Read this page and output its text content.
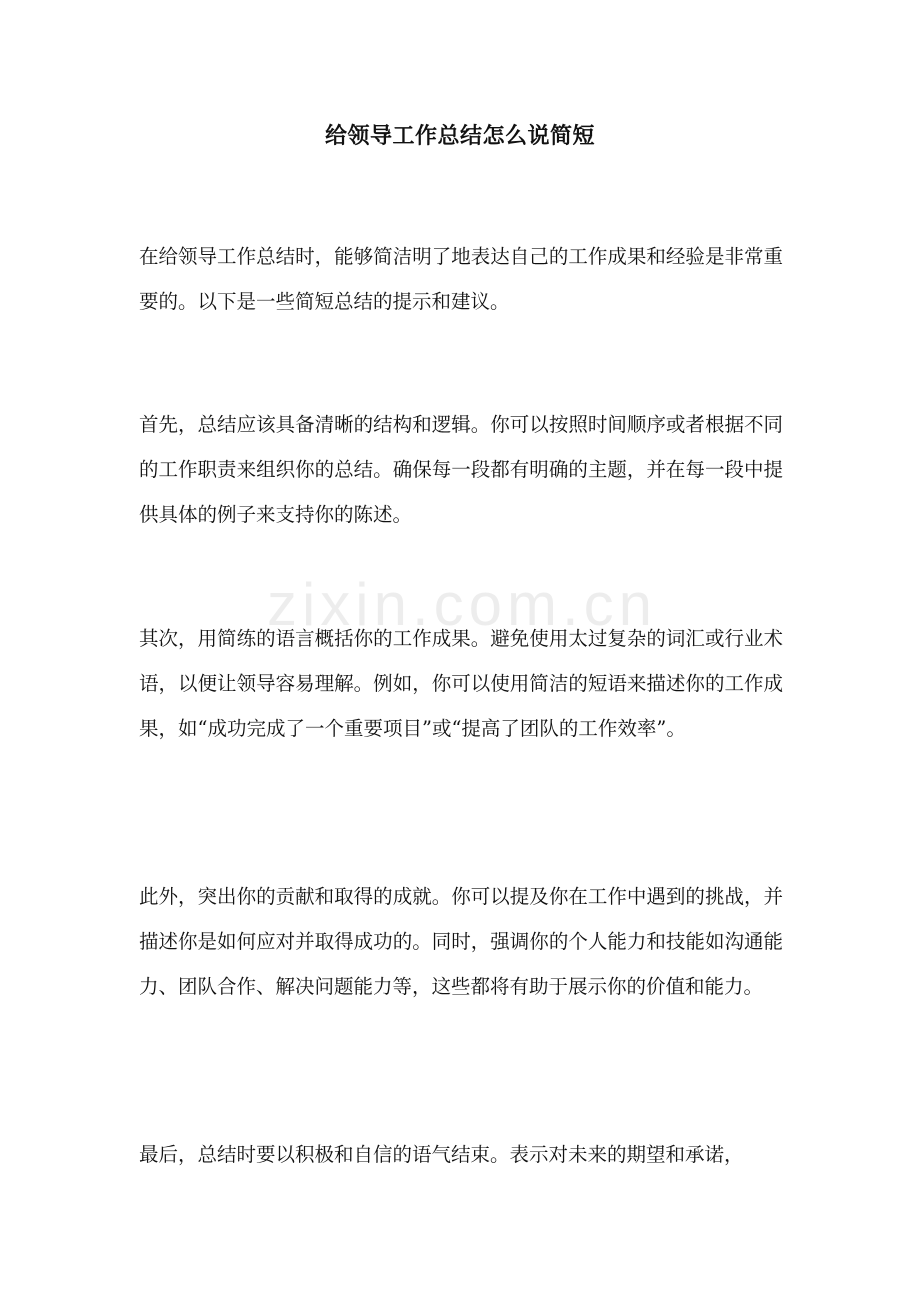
zixin.com.cn
给领导工作总结怎么说简短

在给领导工作总结时，能够简洁明了地表达自己的工作成果和经验是非常重要的。以下是一些简短总结的提示和建议。

首先，总结应该具备清晰的结构和逻辑。你可以按照时间顺序或者根据不同的工作职责来组织你的总结。确保每一段都有明确的主题，并在每一段中提供具体的例子来支持你的陈述。

其次，用简练的语言概括你的工作成果。避免使用太过复杂的词汇或行业术语，以便让领导容易理解。例如，你可以使用简洁的短语来描述你的工作成果，如“成功完成了一个重要项目”或“提高了团队的工作效率”。

此外，突出你的贡献和取得的成就。你可以提及你在工作中遇到的挑战，并描述你是如何应对并取得成功的。同时，强调你的个人能力和技能如沟通能力、团队合作、解决问题能力等，这些都将有助于展示你的价值和能力。

最后，总结时要以积极和自信的语气结束。表示对未来的期望和承诺，
